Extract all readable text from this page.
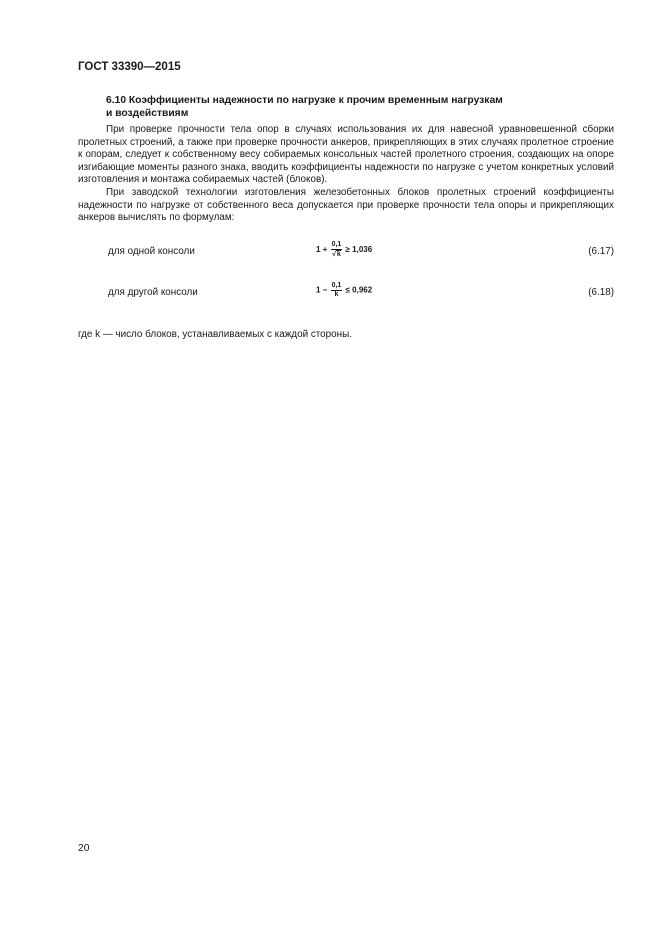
ГОСТ 33390—2015
6.10 Коэффициенты надежности по нагрузке к прочим временным нагрузкам
и воздействиям

При проверке прочности тела опор в случаях использования их для навесной уравновешенной сборки пролетных строений, а также при проверке прочности анкеров, прикрепляющих в этих случаях пролетное строение к опорам, следует к собственному весу собираемых консольных частей пролетного строения, создающих на опоре изгибающие моменты разного знака, вводить коэффициенты надежности по нагрузке с учетом конкретных условий изготовления и монтажа собираемых частей (блоков).

При заводской технологии изготовления железобетонных блоков пролетных строений коэффициенты надежности по нагрузке от собственного веса допускается при проверке прочности тела опоры и прикрепляющих анкеров вычислять по формулам:

для одной консоли	$1 + \frac{0,1}{√k} \ge 1,036$	(6.17)
для другой консоли	$1 - \frac{0,1}{k} \le 0,962$	(6.18)
где k — число блоков, устанавливаемых с каждой стороны.
20
